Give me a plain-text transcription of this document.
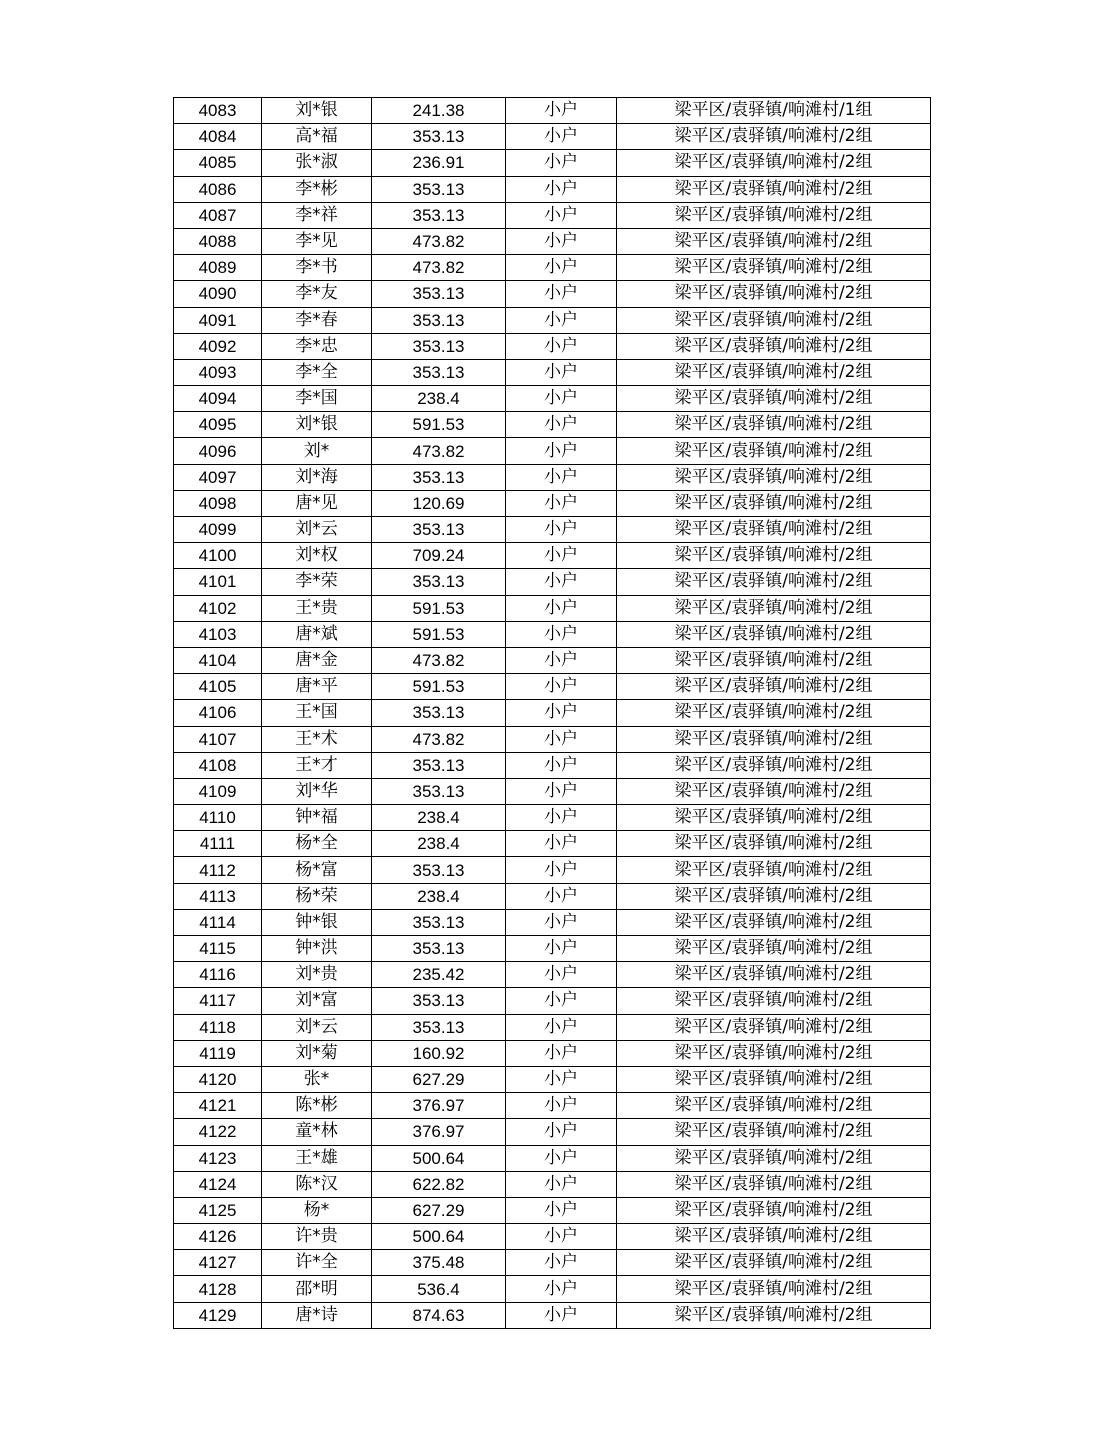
4083	刘*银	241.38	小户	梁平区/袁驿镇/响滩村/1组
4084	高*福	353.13	小户	梁平区/袁驿镇/响滩村/2组
4085	张*淑	236.91	小户	梁平区/袁驿镇/响滩村/2组
4086	李*彬	353.13	小户	梁平区/袁驿镇/响滩村/2组
4087	李*祥	353.13	小户	梁平区/袁驿镇/响滩村/2组
4088	李*见	473.82	小户	梁平区/袁驿镇/响滩村/2组
4089	李*书	473.82	小户	梁平区/袁驿镇/响滩村/2组
4090	李*友	353.13	小户	梁平区/袁驿镇/响滩村/2组
4091	李*春	353.13	小户	梁平区/袁驿镇/响滩村/2组
4092	李*忠	353.13	小户	梁平区/袁驿镇/响滩村/2组
4093	李*全	353.13	小户	梁平区/袁驿镇/响滩村/2组
4094	李*国	238.4	小户	梁平区/袁驿镇/响滩村/2组
4095	刘*银	591.53	小户	梁平区/袁驿镇/响滩村/2组
4096	刘*	473.82	小户	梁平区/袁驿镇/响滩村/2组
4097	刘*海	353.13	小户	梁平区/袁驿镇/响滩村/2组
4098	唐*见	120.69	小户	梁平区/袁驿镇/响滩村/2组
4099	刘*云	353.13	小户	梁平区/袁驿镇/响滩村/2组
4100	刘*权	709.24	小户	梁平区/袁驿镇/响滩村/2组
4101	李*荣	353.13	小户	梁平区/袁驿镇/响滩村/2组
4102	王*贵	591.53	小户	梁平区/袁驿镇/响滩村/2组
4103	唐*斌	591.53	小户	梁平区/袁驿镇/响滩村/2组
4104	唐*金	473.82	小户	梁平区/袁驿镇/响滩村/2组
4105	唐*平	591.53	小户	梁平区/袁驿镇/响滩村/2组
4106	王*国	353.13	小户	梁平区/袁驿镇/响滩村/2组
4107	王*术	473.82	小户	梁平区/袁驿镇/响滩村/2组
4108	王*才	353.13	小户	梁平区/袁驿镇/响滩村/2组
4109	刘*华	353.13	小户	梁平区/袁驿镇/响滩村/2组
4110	钟*福	238.4	小户	梁平区/袁驿镇/响滩村/2组
4111	杨*全	238.4	小户	梁平区/袁驿镇/响滩村/2组
4112	杨*富	353.13	小户	梁平区/袁驿镇/响滩村/2组
4113	杨*荣	238.4	小户	梁平区/袁驿镇/响滩村/2组
4114	钟*银	353.13	小户	梁平区/袁驿镇/响滩村/2组
4115	钟*洪	353.13	小户	梁平区/袁驿镇/响滩村/2组
4116	刘*贵	235.42	小户	梁平区/袁驿镇/响滩村/2组
4117	刘*富	353.13	小户	梁平区/袁驿镇/响滩村/2组
4118	刘*云	353.13	小户	梁平区/袁驿镇/响滩村/2组
4119	刘*菊	160.92	小户	梁平区/袁驿镇/响滩村/2组
4120	张*	627.29	小户	梁平区/袁驿镇/响滩村/2组
4121	陈*彬	376.97	小户	梁平区/袁驿镇/响滩村/2组
4122	童*林	376.97	小户	梁平区/袁驿镇/响滩村/2组
4123	王*雄	500.64	小户	梁平区/袁驿镇/响滩村/2组
4124	陈*汉	622.82	小户	梁平区/袁驿镇/响滩村/2组
4125	杨*	627.29	小户	梁平区/袁驿镇/响滩村/2组
4126	许*贵	500.64	小户	梁平区/袁驿镇/响滩村/2组
4127	许*全	375.48	小户	梁平区/袁驿镇/响滩村/2组
4128	邵*明	536.4	小户	梁平区/袁驿镇/响滩村/2组
4129	唐*诗	874.63	小户	梁平区/袁驿镇/响滩村/2组
